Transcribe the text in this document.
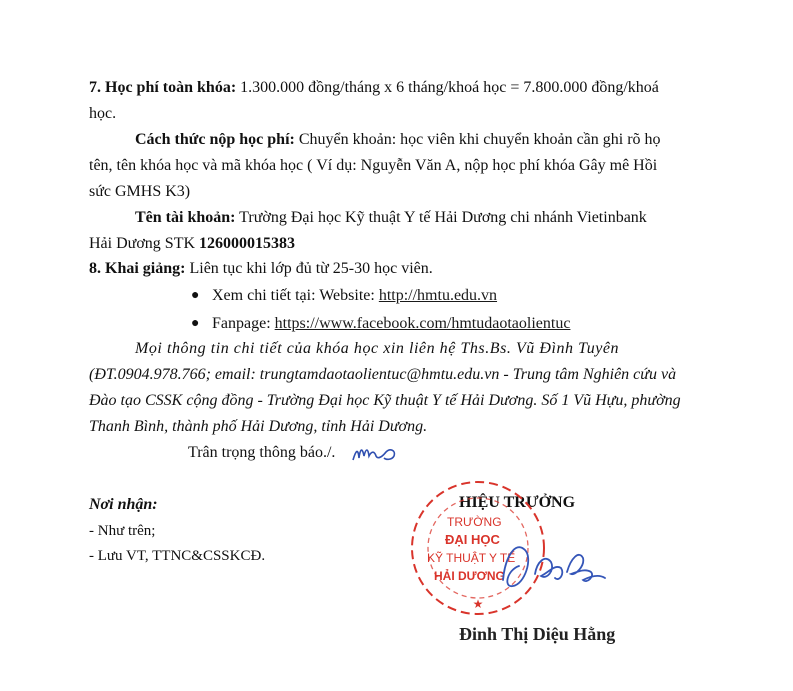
7. Học phí toàn khóa: 1.300.000 đồng/tháng x 6 tháng/khoá học = 7.800.000 đồng/khoá
học.
Cách thức nộp học phí: Chuyển khoản: học viên khi chuyển khoản cần ghi rõ họ
tên, tên khóa học và mã khóa học ( Ví dụ: Nguyễn Văn A, nộp học phí khóa Gây mê Hồi
sức GMHS K3)
Tên tài khoản: Trường Đại học Kỹ thuật Y tế Hải Dương chi nhánh Vietinbank
Hải Dương STK 126000015383
8. Khai giảng: Liên tục khi lớp đủ từ 25-30 học viên.
● Xem chi tiết tại: Website: http://hmtu.edu.vn
● Fanpage: https://www.facebook.com/hmtudaotaolientuc
Mọi thông tin chi tiết của khóa học xin liên hệ Ths.Bs. Vũ Đình Tuyên
(ĐT.0904.978.766; email: trungtamdaotaolientuc@hmtu.edu.vn - Trung tâm Nghiên cứu và
Đào tạo CSSK cộng đồng - Trường Đại học Kỹ thuật Y tế Hải Dương. Số 1 Vũ Hựu, phường
Thanh Bình, thành phố Hải Dương, tỉnh Hải Dương.
Trân trọng thông báo./.
Nơi nhận:
- Như trên;
- Lưu VT, TTNC&CSSKCĐ.
HIỆU TRƯỞNG
★
TRƯỜNG
ĐẠI HỌC
KỸ THUẬT Y TẾ
HẢI DƯƠNG
Đinh Thị Diệu Hằng
